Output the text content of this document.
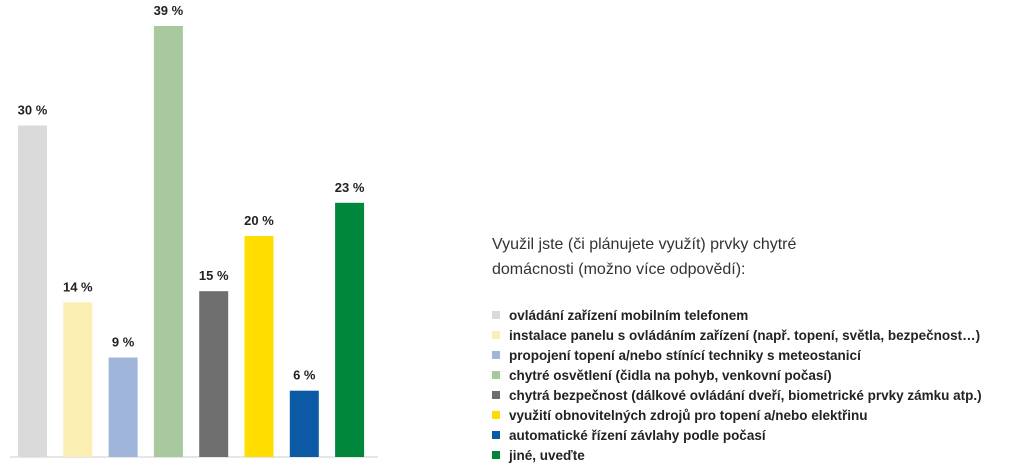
30 %
14 %
9 %
39 %
15 %
20 %
6 %
23 %
Využil jste (či plánujete využít) prvky chytré
domácnosti (možno více odpovědí):
ovládání zařízení mobilním telefonem
instalace panelu s ovládáním zařízení (např. topení, světla, bezpečnost…)
propojení topení a/nebo stínící techniky s meteostanicí
chytré osvětlení (čidla na pohyb, venkovní počasí)
chytrá bezpečnost (dálkové ovládání dveří, biometrické prvky zámku atp.)
využití obnovitelných zdrojů pro topení a/nebo elektřinu
automatické řízení závlahy podle počasí
jiné, uveďte
